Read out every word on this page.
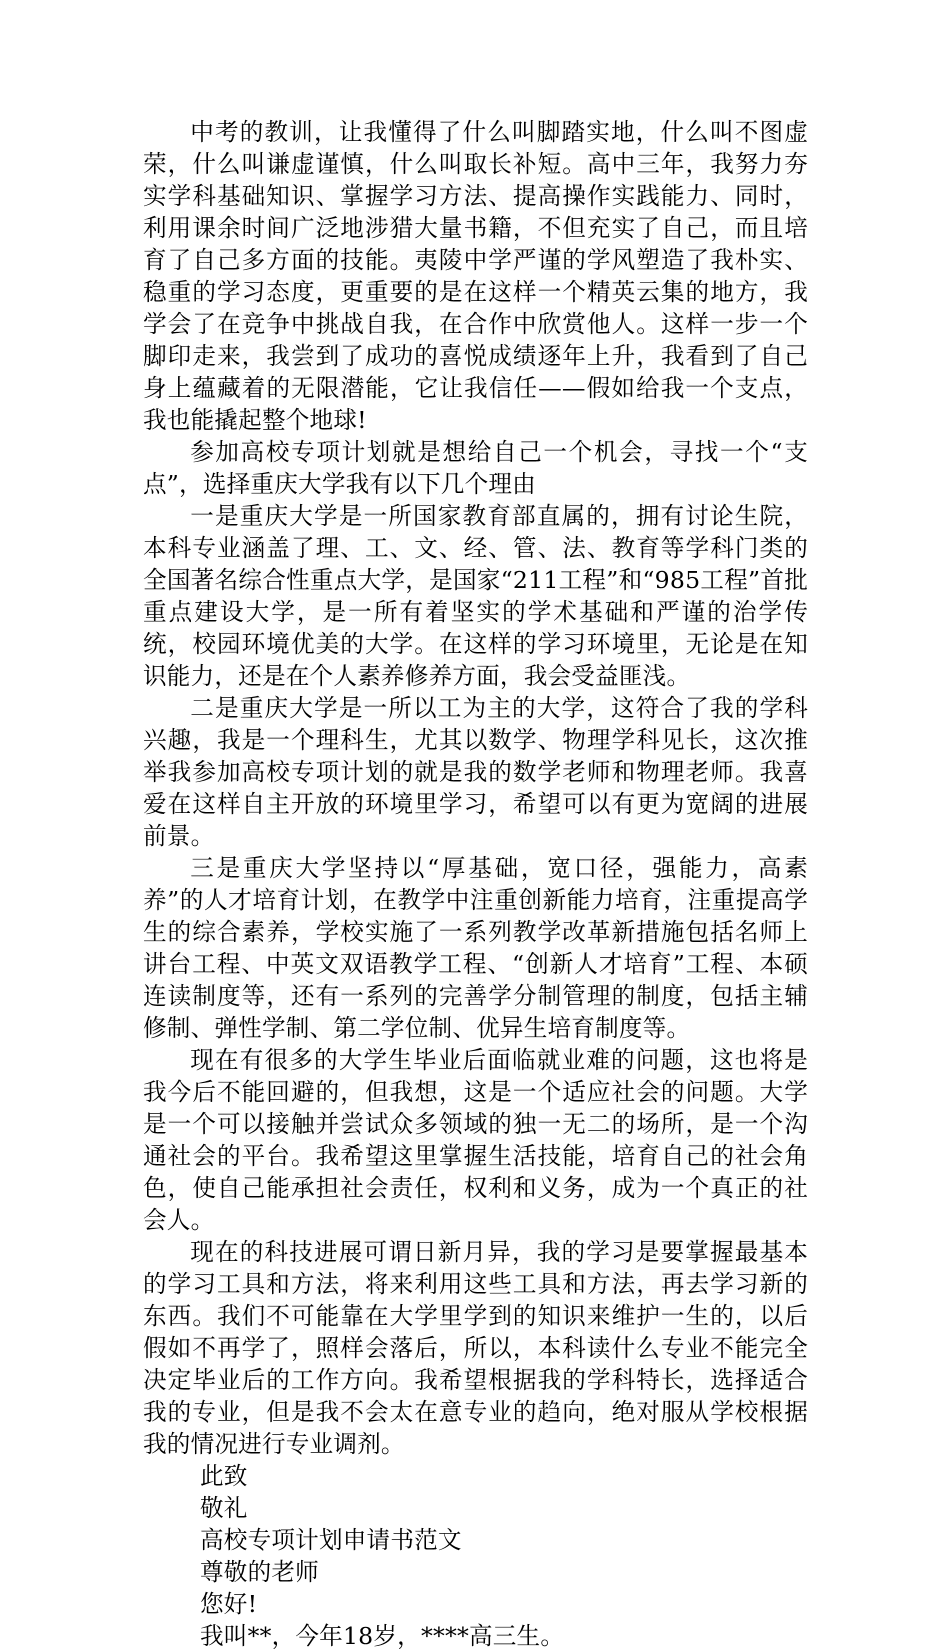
中考的教训，让我懂得了什么叫脚踏实地，什么叫不图虚荣，什么叫谦虚谨慎，什么叫取长补短。高中三年，我努力夯实学科基础知识、掌握学习方法、提高操作实践能力、同时，利用课余时间广泛地涉猎大量书籍，不但充实了自己，而且培育了自己多方面的技能。夷陵中学严谨的学风塑造了我朴实、稳重的学习态度，更重要的是在这样一个精英云集的地方，我学会了在竞争中挑战自我，在合作中欣赏他人。这样一步一个脚印走来，我尝到了成功的喜悦成绩逐年上升，我看到了自己身上蕴藏着的无限潜能，它让我信任——假如给我一个支点，我也能撬起整个地球!

参加高校专项计划就是想给自己一个机会，寻找一个“支点”，选择重庆大学我有以下几个理由

一是重庆大学是一所国家教育部直属的，拥有讨论生院，本科专业涵盖了理、工、文、经、管、法、教育等学科门类的全国著名综合性重点大学，是国家“211工程”和“985工程”首批重点建设大学，是一所有着坚实的学术基础和严谨的治学传统，校园环境优美的大学。在这样的学习环境里，无论是在知识能力，还是在个人素养修养方面，我会受益匪浅。

二是重庆大学是一所以工为主的大学，这符合了我的学科兴趣，我是一个理科生，尤其以数学、物理学科见长，这次推举我参加高校专项计划的就是我的数学老师和物理老师。我喜爱在这样自主开放的环境里学习，希望可以有更为宽阔的进展前景。

三是重庆大学坚持以“厚基础，宽口径，强能力，高素养”的人才培育计划，在教学中注重创新能力培育，注重提高学生的综合素养，学校实施了一系列教学改革新措施包括名师上讲台工程、中英文双语教学工程、“创新人才培育”工程、本硕连读制度等，还有一系列的完善学分制管理的制度，包括主辅修制、弹性学制、第二学位制、优异生培育制度等。

现在有很多的大学生毕业后面临就业难的问题，这也将是我今后不能回避的，但我想，这是一个适应社会的问题。大学是一个可以接触并尝试众多领域的独一无二的场所，是一个沟通社会的平台。我希望这里掌握生活技能，培育自己的社会角色，使自己能承担社会责任，权利和义务，成为一个真正的社会人。

现在的科技进展可谓日新月异，我的学习是要掌握最基本的学习工具和方法，将来利用这些工具和方法，再去学习新的东西。我们不可能靠在大学里学到的知识来维护一生的，以后假如不再学了，照样会落后，所以，本科读什么专业不能完全决定毕业后的工作方向。我希望根据我的学科特长，选择适合我的专业，但是我不会太在意专业的趋向，绝对服从学校根据我的情况进行专业调剂。

此致

敬礼

高校专项计划申请书范文

尊敬的老师

您好!

我叫**，今年18岁，****高三生。
